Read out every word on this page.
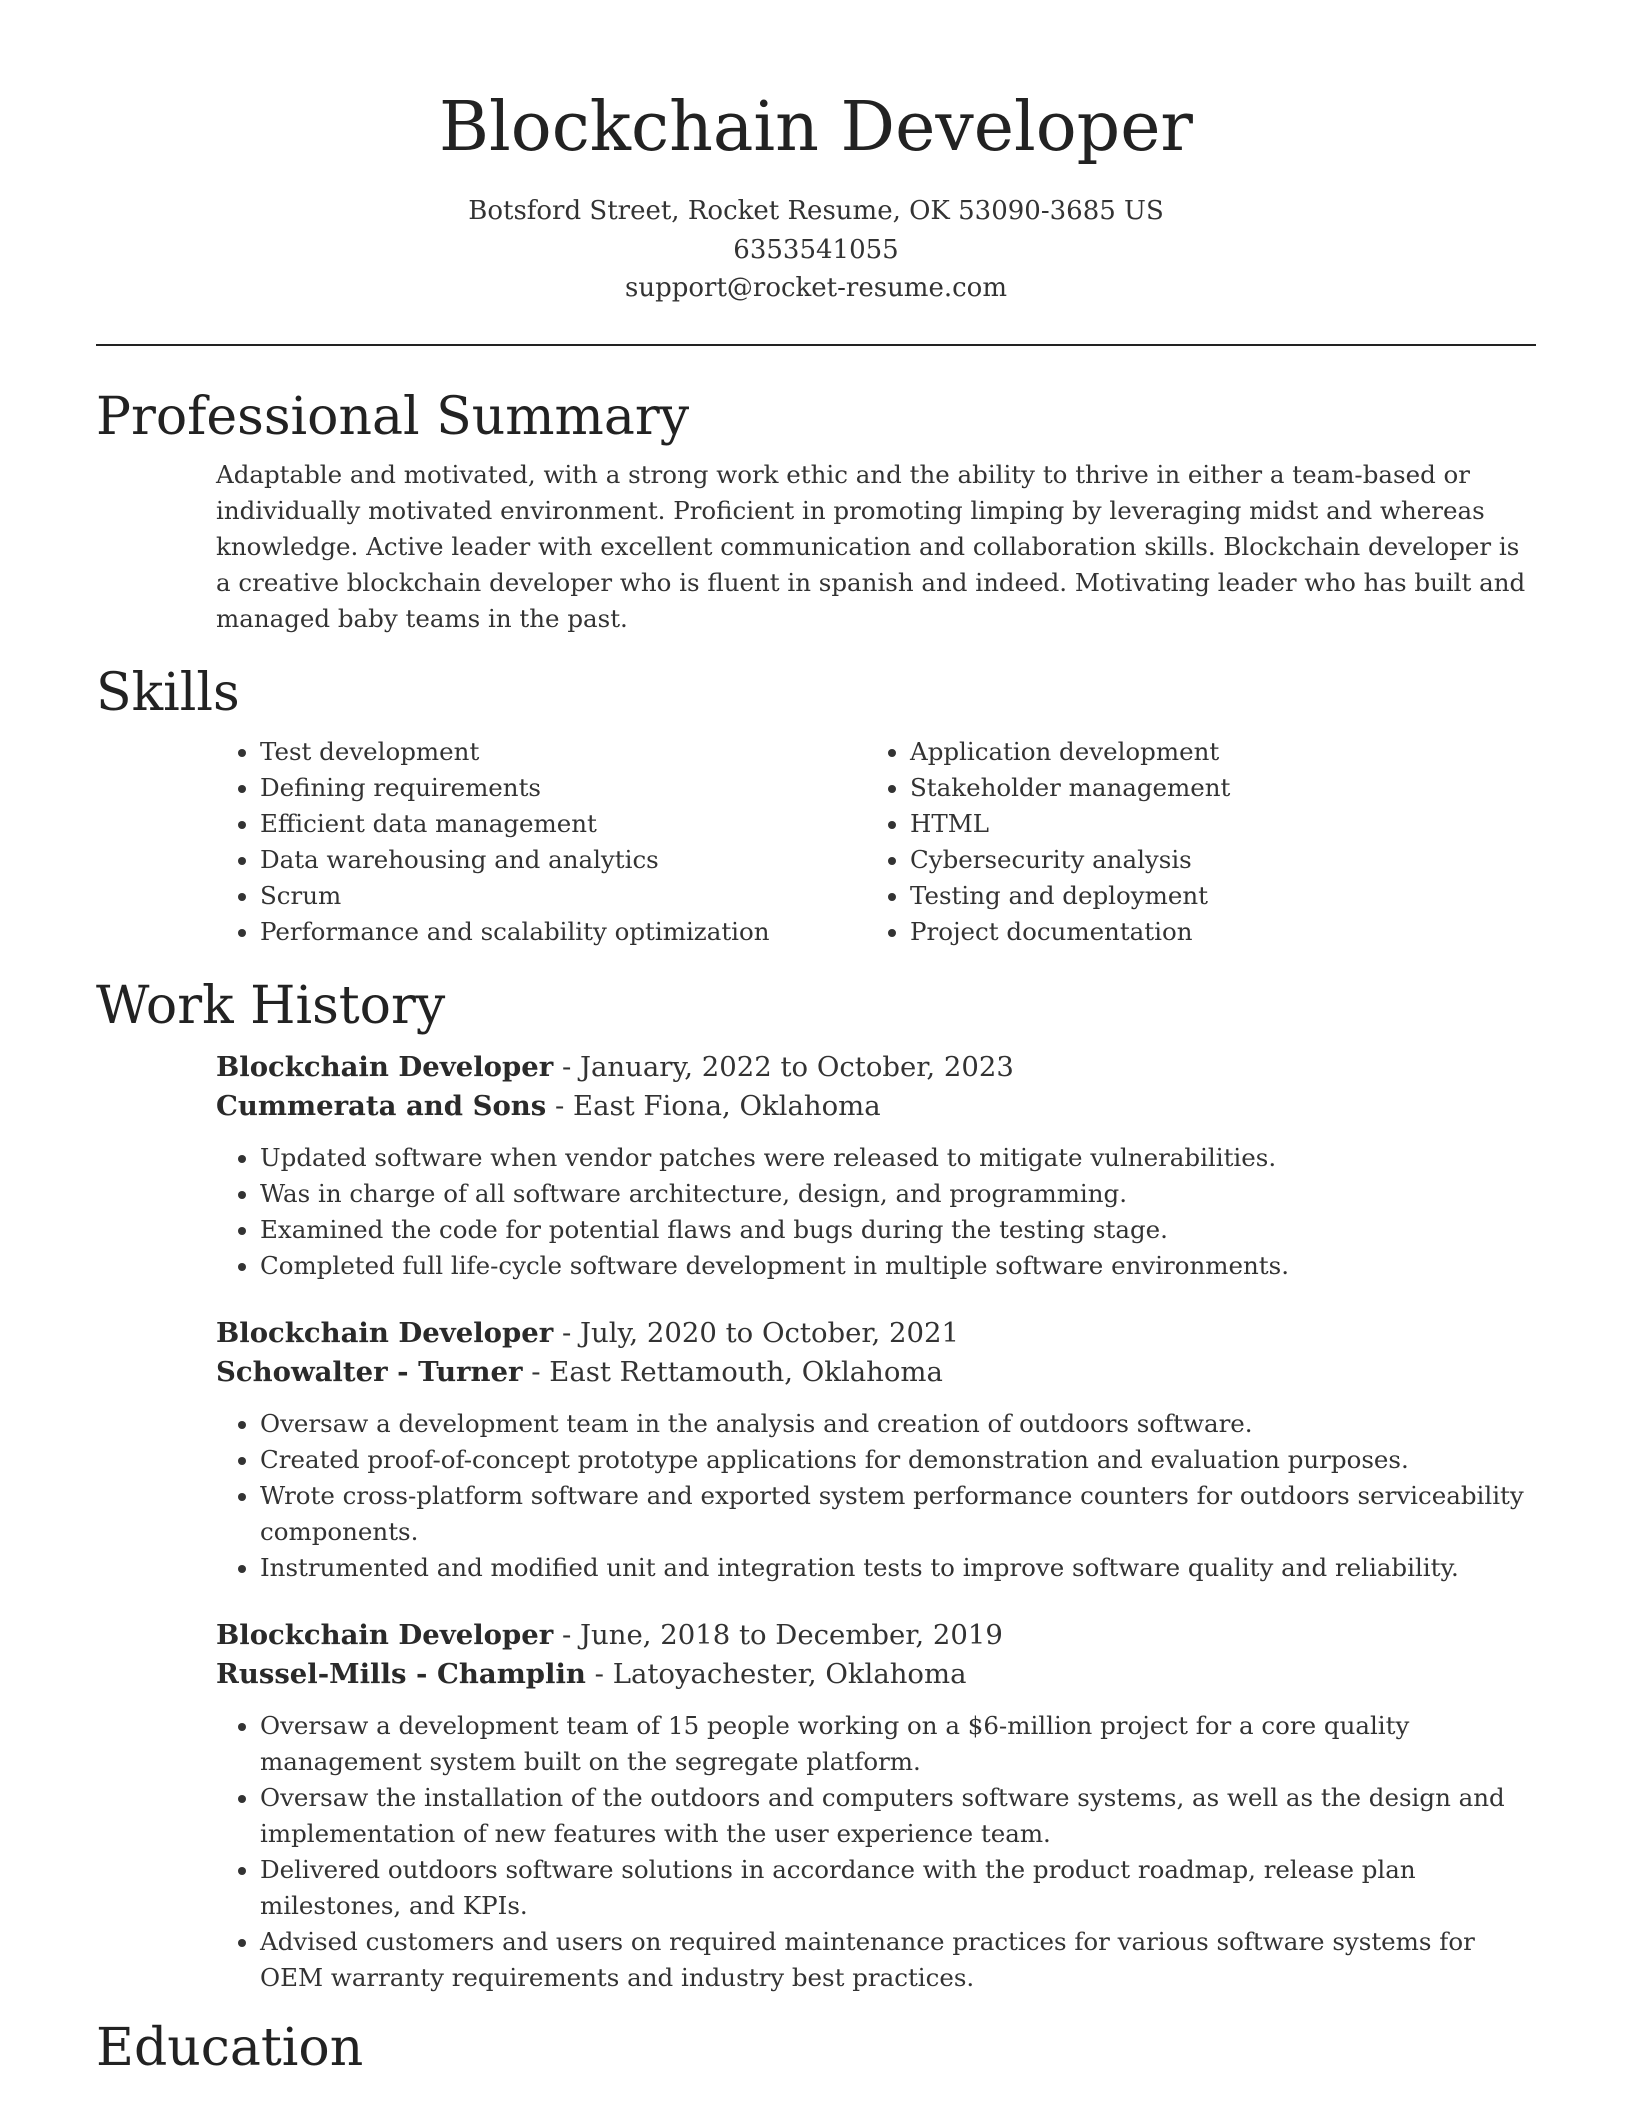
Blockchain Developer
Botsford Street, Rocket Resume, OK 53090-3685 US
6353541055
support@rocket-resume.com
Professional Summary

Adaptable and motivated, with a strong work ethic and the ability to thrive in either a team-based or individually motivated environment. Proficient in promoting limping by leveraging midst and whereas knowledge. Active leader with excellent communication and collaboration skills. Blockchain developer is a creative blockchain developer who is fluent in spanish and indeed. Motivating leader who has built and managed baby teams in the past.

Skills
• Test development
• Defining requirements
• Efficient data management
• Data warehousing and analytics
• Scrum
• Performance and scalability optimization
• Application development
• Stakeholder management
• HTML
• Cybersecurity analysis
• Testing and deployment
• Project documentation
Work History

Blockchain Developer - January, 2022 to October, 2023

Cummerata and Sons - East Fiona, Oklahoma

• Updated software when vendor patches were released to mitigate vulnerabilities.
• Was in charge of all software architecture, design, and programming.
• Examined the code for potential flaws and bugs during the testing stage.
• Completed full life-cycle software development in multiple software environments.

Blockchain Developer - July, 2020 to October, 2021

Schowalter - Turner - East Rettamouth, Oklahoma

• Oversaw a development team in the analysis and creation of outdoors software.
• Created proof-of-concept prototype applications for demonstration and evaluation purposes.
• Wrote cross-platform software and exported system performance counters for outdoors serviceability components.
• Instrumented and modified unit and integration tests to improve software quality and reliability.

Blockchain Developer - June, 2018 to December, 2019

Russel-Mills - Champlin - Latoyachester, Oklahoma

• Oversaw a development team of 15 people working on a $6-million project for a core quality management system built on the segregate platform.
• Oversaw the installation of the outdoors and computers software systems, as well as the design and implementation of new features with the user experience team.
• Delivered outdoors software solutions in accordance with the product roadmap, release plan milestones, and KPIs.
• Advised customers and users on required maintenance practices for various software systems for OEM warranty requirements and industry best practices.
Education
